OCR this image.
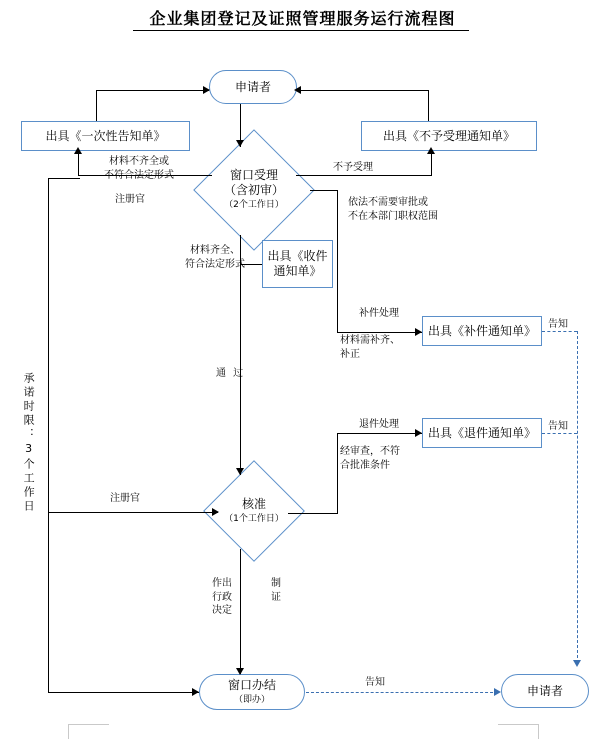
企业集团登记及证照管理服务运行流程图
申请者
出具《一次性告知单》	出具《不予受理通知单》
窗口受理
（含初审）
（2个工作日）
出具《收件
通知单》
出具《补件通知单》
出具《退件通知单》
核准
（1个工作日）
窗口办结
（即办）
申请者
材料不齐全或
不符合法定形式
注册官
不予受理
依法不需要审批或
不在本部门职权范围
材料齐全、
符合法定形式
补件处理
材料需补齐、
补正
告知
退件处理
经审查，不符
合批准条件
告知
通 过
注册官
作出
行政
决定
制
证
告知
承诺时限：3个工作日
